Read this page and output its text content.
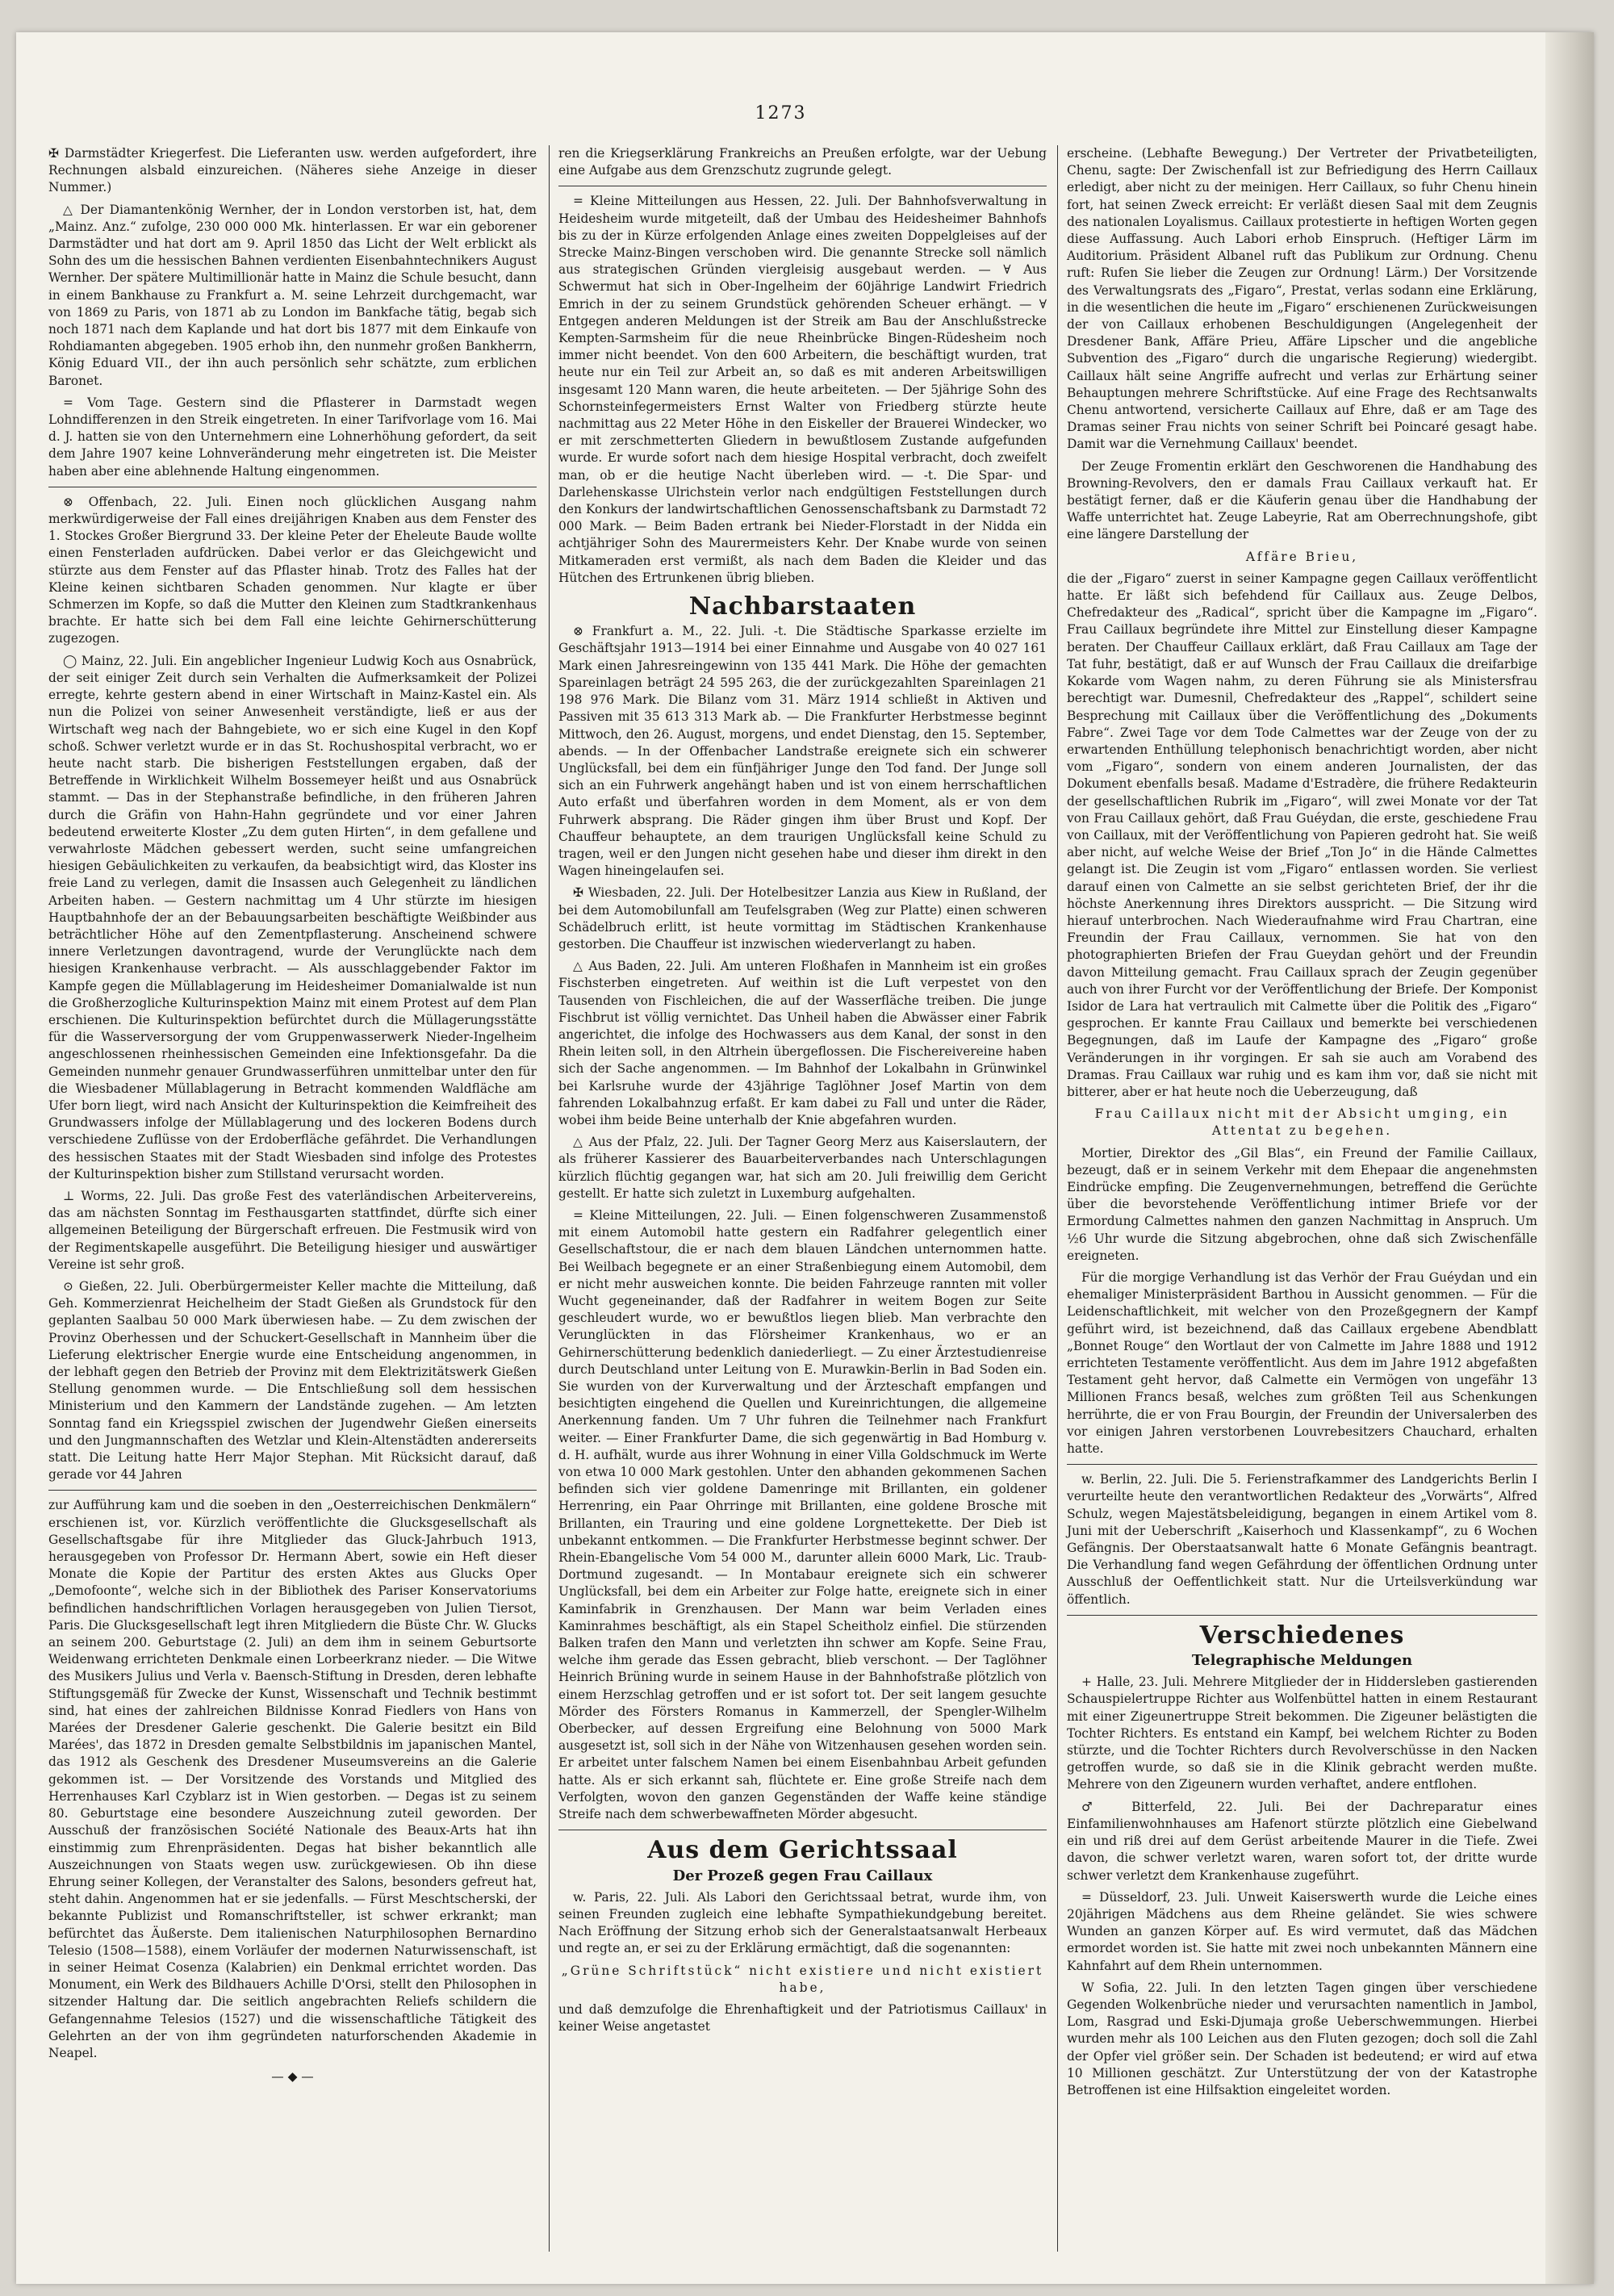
1273

✠ Darmstädter Kriegerfest. Die Lieferanten usw. werden aufgefordert, ihre Rechnungen alsbald einzureichen. (Näheres siehe Anzeige in dieser Nummer.)

△ Der Diamantenkönig Wernher, der in London verstorben ist, hat, dem „Mainz. Anz.“ zufolge, 230 000 000 Mk. hinterlassen. Er war ein geborener Darmstädter und hat dort am 9. April 1850 das Licht der Welt erblickt als Sohn des um die hessischen Bahnen verdienten Eisenbahntechnikers August Wernher. Der spätere Multimillionär hatte in Mainz die Schule besucht, dann in einem Bankhause zu Frankfurt a. M. seine Lehrzeit durchgemacht, war von 1869 zu Paris, von 1871 ab zu London im Bankfache tätig, begab sich noch 1871 nach dem Kaplande und hat dort bis 1877 mit dem Einkaufe von Rohdiamanten abgegeben. 1905 erhob ihn, den nunmehr großen Bankherrn, König Eduard VII., der ihn auch persönlich sehr schätzte, zum erblichen Baronet.

= Vom Tage. Gestern sind die Pflasterer in Darmstadt wegen Lohndifferenzen in den Streik eingetreten. In einer Tarifvorlage vom 16. Mai d. J. hatten sie von den Unternehmern eine Lohnerhöhung gefordert, da seit dem Jahre 1907 keine Lohnveränderung mehr eingetreten ist. Die Meister haben aber eine ablehnende Haltung eingenommen.

⊗ Offenbach, 22. Juli. Einen noch glücklichen Ausgang nahm merkwürdigerweise der Fall eines dreijährigen Knaben aus dem Fenster des 1. Stockes Großer Biergrund 33. Der kleine Peter der Eheleute Baude wollte einen Fensterladen aufdrücken. Dabei verlor er das Gleichgewicht und stürzte aus dem Fenster auf das Pflaster hinab. Trotz des Falles hat der Kleine keinen sichtbaren Schaden genommen. Nur klagte er über Schmerzen im Kopfe, so daß die Mutter den Kleinen zum Stadtkrankenhaus brachte. Er hatte sich bei dem Fall eine leichte Gehirnerschütterung zugezogen.

◯ Mainz, 22. Juli. Ein angeblicher Ingenieur Ludwig Koch aus Osnabrück, der seit einiger Zeit durch sein Verhalten die Aufmerksamkeit der Polizei erregte, kehrte gestern abend in einer Wirtschaft in Mainz-Kastel ein. Als nun die Polizei von seiner Anwesenheit verständigte, ließ er aus der Wirtschaft weg nach der Bahngebiete, wo er sich eine Kugel in den Kopf schoß. Schwer verletzt wurde er in das St. Rochushospital verbracht, wo er heute nacht starb. Die bisherigen Feststellungen ergaben, daß der Betreffende in Wirklichkeit Wilhelm Bossemeyer heißt und aus Osnabrück stammt. — Das in der Stephanstraße befindliche, in den früheren Jahren durch die Gräfin von Hahn-Hahn gegründete und vor einer Jahren bedeutend erweiterte Kloster „Zu dem guten Hirten“, in dem gefallene und verwahrloste Mädchen gebessert werden, sucht seine umfangreichen hiesigen Gebäulichkeiten zu verkaufen, da beabsichtigt wird, das Kloster ins freie Land zu verlegen, damit die Insassen auch Gelegenheit zu ländlichen Arbeiten haben. — Gestern nachmittag um 4 Uhr stürzte im hiesigen Hauptbahnhofe der an der Bebauungsarbeiten beschäftigte Weißbinder aus beträchtlicher Höhe auf den Zementpflasterung. Anscheinend schwere innere Verletzungen davontragend, wurde der Verunglückte nach dem hiesigen Krankenhause verbracht. — Als ausschlaggebender Faktor im Kampfe gegen die Müllablagerung im Heidesheimer Domanialwalde ist nun die Großherzogliche Kulturinspektion Mainz mit einem Protest auf dem Plan erschienen. Die Kulturinspektion befürchtet durch die Müllagerungsstätte für die Wasserversorgung der vom Gruppenwasserwerk Nieder-Ingelheim angeschlossenen rheinhessischen Gemeinden eine Infektionsgefahr. Da die Gemeinden nunmehr genauer Grundwasserführen unmittelbar unter den für die Wiesbadener Müllablagerung in Betracht kommenden Waldfläche am Ufer born liegt, wird nach Ansicht der Kulturinspektion die Keimfreiheit des Grundwassers infolge der Müllablagerung und des lockeren Bodens durch verschiedene Zuflüsse von der Erdoberfläche gefährdet. Die Verhandlungen des hessischen Staates mit der Stadt Wiesbaden sind infolge des Protestes der Kulturinspektion bisher zum Stillstand verursacht worden.

⊥ Worms, 22. Juli. Das große Fest des vaterländischen Arbeitervereins, das am nächsten Sonntag im Festhausgarten stattfindet, dürfte sich einer allgemeinen Beteiligung der Bürgerschaft erfreuen. Die Festmusik wird von der Regimentskapelle ausgeführt. Die Beteiligung hiesiger und auswärtiger Vereine ist sehr groß.

⊙ Gießen, 22. Juli. Oberbürgermeister Keller machte die Mitteilung, daß Geh. Kommerzienrat Heichelheim der Stadt Gießen als Grundstock für den geplanten Saalbau 50 000 Mark überwiesen habe. — Zu dem zwischen der Provinz Oberhessen und der Schuckert-Gesellschaft in Mannheim über die Lieferung elektrischer Energie wurde eine Entscheidung angenommen, in der lebhaft gegen den Betrieb der Provinz mit dem Elektrizitätswerk Gießen Stellung genommen wurde. — Die Entschließung soll dem hessischen Ministerium und den Kammern der Landstände zugehen. — Am letzten Sonntag fand ein Kriegsspiel zwischen der Jugendwehr Gießen einerseits und den Jungmannschaften des Wetzlar und Klein-Altenstädten andererseits statt. Die Leitung hatte Herr Major Stephan. Mit Rücksicht darauf, daß gerade vor 44 Jahren

zur Aufführung kam und die soeben in den „Oesterreichischen Denkmälern“ erschienen ist, vor. Kürzlich veröffentlichte die Glucksgesellschaft als Gesellschaftsgabe für ihre Mitglieder das Gluck-Jahrbuch 1913, herausgegeben von Professor Dr. Hermann Abert, sowie ein Heft dieser Monate die Kopie der Partitur des ersten Aktes aus Glucks Oper „Demofoonte“, welche sich in der Bibliothek des Pariser Konservatoriums befindlichen handschriftlichen Vorlagen herausgegeben von Julien Tiersot, Paris. Die Glucksgesellschaft legt ihren Mitgliedern die Büste Chr. W. Glucks an seinem 200. Geburtstage (2. Juli) an dem ihm in seinem Geburtsorte Weidenwang errichteten Denkmale einen Lorbeerkranz nieder. — Die Witwe des Musikers Julius und Verla v. Baensch-Stiftung in Dresden, deren lebhafte Stiftungsgemäß für Zwecke der Kunst, Wissenschaft und Technik bestimmt sind, hat eines der zahlreichen Bildnisse Konrad Fiedlers von Hans von Marées der Dresdener Galerie geschenkt. Die Galerie besitzt ein Bild Marées', das 1872 in Dresden gemalte Selbstbildnis im japanischen Mantel, das 1912 als Geschenk des Dresdener Museumsvereins an die Galerie gekommen ist. — Der Vorsitzende des Vorstands und Mitglied des Herrenhauses Karl Czyblarz ist in Wien gestorben. — Degas ist zu seinem 80. Geburtstage eine besondere Auszeichnung zuteil geworden. Der Ausschuß der französischen Société Nationale des Beaux-Arts hat ihn einstimmig zum Ehrenpräsidenten. Degas hat bisher bekanntlich alle Auszeichnungen von Staats wegen usw. zurückgewiesen. Ob ihn diese Ehrung seiner Kollegen, der Veranstalter des Salons, besonders gefreut hat, steht dahin. Angenommen hat er sie jedenfalls. — Fürst Meschtscherski, der bekannte Publizist und Romanschriftsteller, ist schwer erkrankt; man befürchtet das Äußerste. Dem italienischen Naturphilosophen Bernardino Telesio (1508—1588), einem Vorläufer der modernen Naturwissenschaft, ist in seiner Heimat Cosenza (Kalabrien) ein Denkmal errichtet worden. Das Monument, ein Werk des Bildhauers Achille D'Orsi, stellt den Philosophen in sitzender Haltung dar. Die seitlich angebrachten Reliefs schildern die Gefangennahme Telesios (1527) und die wissenschaftliche Tätigkeit des Gelehrten an der von ihm gegründeten naturforschenden Akademie in Neapel.

— ◆ —

ren die Kriegserklärung Frankreichs an Preußen erfolgte, war der Uebung eine Aufgabe aus dem Grenzschutz zugrunde gelegt.

= Kleine Mitteilungen aus Hessen, 22. Juli. Der Bahnhofsverwaltung in Heidesheim wurde mitgeteilt, daß der Umbau des Heidesheimer Bahnhofs bis zu der in Kürze erfolgenden Anlage eines zweiten Doppelgleises auf der Strecke Mainz-Bingen verschoben wird. Die genannte Strecke soll nämlich aus strategischen Gründen viergleisig ausgebaut werden. — ∀ Aus Schwermut hat sich in Ober-Ingelheim der 60jährige Landwirt Friedrich Emrich in der zu seinem Grundstück gehörenden Scheuer erhängt. — ∀ Entgegen anderen Meldungen ist der Streik am Bau der Anschlußstrecke Kempten-Sarmsheim für die neue Rheinbrücke Bingen-Rüdesheim noch immer nicht beendet. Von den 600 Arbeitern, die beschäftigt wurden, trat heute nur ein Teil zur Arbeit an, so daß es mit anderen Arbeitswilligen insgesamt 120 Mann waren, die heute arbeiteten. — Der 5jährige Sohn des Schornsteinfegermeisters Ernst Walter von Friedberg stürzte heute nachmittag aus 22 Meter Höhe in den Eiskeller der Brauerei Windecker, wo er mit zerschmetterten Gliedern in bewußtlosem Zustande aufgefunden wurde. Er wurde sofort nach dem hiesige Hospital verbracht, doch zweifelt man, ob er die heutige Nacht überleben wird. — -t. Die Spar- und Darlehenskasse Ulrichstein verlor nach endgültigen Feststellungen durch den Konkurs der landwirtschaftlichen Genossenschaftsbank zu Darmstadt 72 000 Mark. — Beim Baden ertrank bei Nieder-Florstadt in der Nidda ein achtjähriger Sohn des Maurermeisters Kehr. Der Knabe wurde von seinen Mitkameraden erst vermißt, als nach dem Baden die Kleider und das Hütchen des Ertrunkenen übrig blieben.

Nachbarstaaten

⊗ Frankfurt a. M., 22. Juli. -t. Die Städtische Sparkasse erzielte im Geschäftsjahr 1913—1914 bei einer Einnahme und Ausgabe von 40 027 161 Mark einen Jahresreingewinn von 135 441 Mark. Die Höhe der gemachten Spareinlagen beträgt 24 595 263, die der zurückgezahlten Spareinlagen 21 198 976 Mark. Die Bilanz vom 31. März 1914 schließt in Aktiven und Passiven mit 35 613 313 Mark ab. — Die Frankfurter Herbstmesse beginnt Mittwoch, den 26. August, morgens, und endet Dienstag, den 15. September, abends. — In der Offenbacher Landstraße ereignete sich ein schwerer Unglücksfall, bei dem ein fünfjähriger Junge den Tod fand. Der Junge soll sich an ein Fuhrwerk angehängt haben und ist von einem herrschaftlichen Auto erfaßt und überfahren worden in dem Moment, als er von dem Fuhrwerk absprang. Die Räder gingen ihm über Brust und Kopf. Der Chauffeur behauptete, an dem traurigen Unglücksfall keine Schuld zu tragen, weil er den Jungen nicht gesehen habe und dieser ihm direkt in den Wagen hineingelaufen sei.

✠ Wiesbaden, 22. Juli. Der Hotelbesitzer Lanzia aus Kiew in Rußland, der bei dem Automobilunfall am Teufelsgraben (Weg zur Platte) einen schweren Schädelbruch erlitt, ist heute vormittag im Städtischen Krankenhause gestorben. Die Chauffeur ist inzwischen wiederverlangt zu haben.

△ Aus Baden, 22. Juli. Am unteren Floßhafen in Mannheim ist ein großes Fischsterben eingetreten. Auf weithin ist die Luft verpestet von den Tausenden von Fischleichen, die auf der Wasserfläche treiben. Die junge Fischbrut ist völlig vernichtet. Das Unheil haben die Abwässer einer Fabrik angerichtet, die infolge des Hochwassers aus dem Kanal, der sonst in den Rhein leiten soll, in den Altrhein übergeflossen. Die Fischereivereine haben sich der Sache angenommen. — Im Bahnhof der Lokalbahn in Grünwinkel bei Karlsruhe wurde der 43jährige Taglöhner Josef Martin von dem fahrenden Lokalbahnzug erfaßt. Er kam dabei zu Fall und unter die Räder, wobei ihm beide Beine unterhalb der Knie abgefahren wurden.

△ Aus der Pfalz, 22. Juli. Der Tagner Georg Merz aus Kaiserslautern, der als früherer Kassierer des Bauarbeiterverbandes nach Unterschlagungen kürzlich flüchtig gegangen war, hat sich am 20. Juli freiwillig dem Gericht gestellt. Er hatte sich zuletzt in Luxemburg aufgehalten.

= Kleine Mitteilungen, 22. Juli. — Einen folgenschweren Zusammenstoß mit einem Automobil hatte gestern ein Radfahrer gelegentlich einer Gesellschaftstour, die er nach dem blauen Ländchen unternommen hatte. Bei Weilbach begegnete er an einer Straßenbiegung einem Automobil, dem er nicht mehr ausweichen konnte. Die beiden Fahrzeuge rannten mit voller Wucht gegeneinander, daß der Radfahrer in weitem Bogen zur Seite geschleudert wurde, wo er bewußtlos liegen blieb. Man verbrachte den Verunglückten in das Flörsheimer Krankenhaus, wo er an Gehirnerschütterung bedenklich daniederliegt. — Zu einer Ärztestudienreise durch Deutschland unter Leitung von E. Murawkin-Berlin in Bad Soden ein. Sie wurden von der Kurverwaltung und der Ärzteschaft empfangen und besichtigten eingehend die Quellen und Kureinrichtungen, die allgemeine Anerkennung fanden. Um 7 Uhr fuhren die Teilnehmer nach Frankfurt weiter. — Einer Frankfurter Dame, die sich gegenwärtig in Bad Homburg v. d. H. aufhält, wurde aus ihrer Wohnung in einer Villa Goldschmuck im Werte von etwa 10 000 Mark gestohlen. Unter den abhanden gekommenen Sachen befinden sich vier goldene Damenringe mit Brillanten, ein goldener Herrenring, ein Paar Ohrringe mit Brillanten, eine goldene Brosche mit Brillanten, ein Trauring und eine goldene Lorgnettekette. Der Dieb ist unbekannt entkommen. — Die Frankfurter Herbstmesse beginnt schwer. Der Rhein-Ebangelische Vom 54 000 M., darunter allein 6000 Mark, Lic. Traub-Dortmund zugesandt. — In Montabaur ereignete sich ein schwerer Unglücksfall, bei dem ein Arbeiter zur Folge hatte, ereignete sich in einer Kaminfabrik in Grenzhausen. Der Mann war beim Verladen eines Kaminrahmes beschäftigt, als ein Stapel Scheitholz einfiel. Die stürzenden Balken trafen den Mann und verletzten ihn schwer am Kopfe. Seine Frau, welche ihm gerade das Essen gebracht, blieb verschont. — Der Taglöhner Heinrich Brüning wurde in seinem Hause in der Bahnhofstraße plötzlich von einem Herzschlag getroffen und er ist sofort tot. Der seit langem gesuchte Mörder des Försters Romanus in Kammerzell, der Spengler-Wilhelm Oberbecker, auf dessen Ergreifung eine Belohnung von 5000 Mark ausgesetzt ist, soll sich in der Nähe von Witzenhausen gesehen worden sein. Er arbeitet unter falschem Namen bei einem Eisenbahnbau Arbeit gefunden hatte. Als er sich erkannt sah, flüchtete er. Eine große Streife nach dem Verfolgten, wovon den ganzen Gegenständen der Waffe keine ständige Streife nach dem schwerbewaffneten Mörder abgesucht.

Aus dem Gerichtssaal
Der Prozeß gegen Frau Caillaux

w. Paris, 22. Juli. Als Labori den Gerichtssaal betrat, wurde ihm, von seinen Freunden zugleich eine lebhafte Sympathiekundgebung bereitet. Nach Eröffnung der Sitzung erhob sich der Generalstaatsanwalt Herbeaux und regte an, er sei zu der Erklärung ermächtigt, daß die sogenannten:

„Grüne Schriftstück“ nicht existiere und nicht existiert habe,

und daß demzufolge die Ehrenhaftigkeit und der Patriotismus Caillaux' in keiner Weise angetastet

erscheine. (Lebhafte Bewegung.) Der Vertreter der Privatbeteiligten, Chenu, sagte: Der Zwischenfall ist zur Befriedigung des Herrn Caillaux erledigt, aber nicht zu der meinigen. Herr Caillaux, so fuhr Chenu hinein fort, hat seinen Zweck erreicht: Er verläßt diesen Saal mit dem Zeugnis des nationalen Loyalismus. Caillaux protestierte in heftigen Worten gegen diese Auffassung. Auch Labori erhob Einspruch. (Heftiger Lärm im Auditorium. Präsident Albanel ruft das Publikum zur Ordnung. Chenu ruft: Rufen Sie lieber die Zeugen zur Ordnung! Lärm.) Der Vorsitzende des Verwaltungsrats des „Figaro“, Prestat, verlas sodann eine Erklärung, in die wesentlichen die heute im „Figaro“ erschienenen Zurückweisungen der von Caillaux erhobenen Beschuldigungen (Angelegenheit der Dresdener Bank, Affäre Prieu, Affäre Lipscher und die angebliche Subvention des „Figaro“ durch die ungarische Regierung) wiedergibt. Caillaux hält seine Angriffe aufrecht und verlas zur Erhärtung seiner Behauptungen mehrere Schriftstücke. Auf eine Frage des Rechtsanwalts Chenu antwortend, versicherte Caillaux auf Ehre, daß er am Tage des Dramas seiner Frau nichts von seiner Schrift bei Poincaré gesagt habe. Damit war die Vernehmung Caillaux' beendet.

Der Zeuge Fromentin erklärt den Geschworenen die Handhabung des Browning-Revolvers, den er damals Frau Caillaux verkauft hat. Er bestätigt ferner, daß er die Käuferin genau über die Handhabung der Waffe unterrichtet hat. Zeuge Labeyrie, Rat am Oberrechnungshofe, gibt eine längere Darstellung der

Affäre Brieu,

die der „Figaro“ zuerst in seiner Kampagne gegen Caillaux veröffentlicht hatte. Er läßt sich befehdend für Caillaux aus. Zeuge Delbos, Chefredakteur des „Radical“, spricht über die Kampagne im „Figaro“. Frau Caillaux begründete ihre Mittel zur Einstellung dieser Kampagne beraten. Der Chauffeur Caillaux erklärt, daß Frau Caillaux am Tage der Tat fuhr, bestätigt, daß er auf Wunsch der Frau Caillaux die dreifarbige Kokarde vom Wagen nahm, zu deren Führung sie als Ministersfrau berechtigt war. Dumesnil, Chefredakteur des „Rappel“, schildert seine Besprechung mit Caillaux über die Veröffentlichung des „Dokuments Fabre“. Zwei Tage vor dem Tode Calmettes war der Zeuge von der zu erwartenden Enthüllung telephonisch benachrichtigt worden, aber nicht vom „Figaro“, sondern von einem anderen Journalisten, der das Dokument ebenfalls besaß. Madame d'Estradère, die frühere Redakteurin der gesellschaftlichen Rubrik im „Figaro“, will zwei Monate vor der Tat von Frau Caillaux gehört, daß Frau Guéydan, die erste, geschiedene Frau von Caillaux, mit der Veröffentlichung von Papieren gedroht hat. Sie weiß aber nicht, auf welche Weise der Brief „Ton Jo“ in die Hände Calmettes gelangt ist. Die Zeugin ist vom „Figaro“ entlassen worden. Sie verliest darauf einen von Calmette an sie selbst gerichteten Brief, der ihr die höchste Anerkennung ihres Direktors ausspricht. — Die Sitzung wird hierauf unterbrochen. Nach Wiederaufnahme wird Frau Chartran, eine Freundin der Frau Caillaux, vernommen. Sie hat von den photographierten Briefen der Frau Gueydan gehört und der Freundin davon Mitteilung gemacht. Frau Caillaux sprach der Zeugin gegenüber auch von ihrer Furcht vor der Veröffentlichung der Briefe. Der Komponist Isidor de Lara hat vertraulich mit Calmette über die Politik des „Figaro“ gesprochen. Er kannte Frau Caillaux und bemerkte bei verschiedenen Begegnungen, daß im Laufe der Kampagne des „Figaro“ große Veränderungen in ihr vorgingen. Er sah sie auch am Vorabend des Dramas. Frau Caillaux war ruhig und es kam ihm vor, daß sie nicht mit bitterer, aber er hat heute noch die Ueberzeugung, daß

Frau Caillaux nicht mit der Absicht umging, ein Attentat zu begehen.

Mortier, Direktor des „Gil Blas“, ein Freund der Familie Caillaux, bezeugt, daß er in seinem Verkehr mit dem Ehepaar die angenehmsten Eindrücke empfing. Die Zeugenvernehmungen, betreffend die Gerüchte über die bevorstehende Veröffentlichung intimer Briefe vor der Ermordung Calmettes nahmen den ganzen Nachmittag in Anspruch. Um ½6 Uhr wurde die Sitzung abgebrochen, ohne daß sich Zwischenfälle ereigneten.

Für die morgige Verhandlung ist das Verhör der Frau Guéydan und ein ehemaliger Ministerpräsident Barthou in Aussicht genommen. — Für die Leidenschaftlichkeit, mit welcher von den Prozeßgegnern der Kampf geführt wird, ist bezeichnend, daß das Caillaux ergebene Abendblatt „Bonnet Rouge“ den Wortlaut der von Calmette im Jahre 1888 und 1912 errichteten Testamente veröffentlicht. Aus dem im Jahre 1912 abgefaßten Testament geht hervor, daß Calmette ein Vermögen von ungefähr 13 Millionen Francs besaß, welches zum größten Teil aus Schenkungen herrührte, die er von Frau Bourgin, der Freundin der Universalerben des vor einigen Jahren verstorbenen Louvrebesitzers Chauchard, erhalten hatte.

w. Berlin, 22. Juli. Die 5. Ferienstrafkammer des Landgerichts Berlin I verurteilte heute den verantwortlichen Redakteur des „Vorwärts“, Alfred Schulz, wegen Majestätsbeleidigung, begangen in einem Artikel vom 8. Juni mit der Ueberschrift „Kaiserhoch und Klassenkampf“, zu 6 Wochen Gefängnis. Der Oberstaatsanwalt hatte 6 Monate Gefängnis beantragt. Die Verhandlung fand wegen Gefährdung der öffentlichen Ordnung unter Ausschluß der Oeffentlichkeit statt. Nur die Urteilsverkündung war öffentlich.

Verschiedenes
Telegraphische Meldungen

+ Halle, 23. Juli. Mehrere Mitglieder der in Hiddersleben gastierenden Schauspielertruppe Richter aus Wolfenbüttel hatten in einem Restaurant mit einer Zigeunertruppe Streit bekommen. Die Zigeuner belästigten die Tochter Richters. Es entstand ein Kampf, bei welchem Richter zu Boden stürzte, und die Tochter Richters durch Revolverschüsse in den Nacken getroffen wurde, so daß sie in die Klinik gebracht werden mußte. Mehrere von den Zigeunern wurden verhaftet, andere entflohen.

♂ Bitterfeld, 22. Juli. Bei der Dachreparatur eines Einfamilienwohnhauses am Hafenort stürzte plötzlich eine Giebelwand ein und riß drei auf dem Gerüst arbeitende Maurer in die Tiefe. Zwei davon, die schwer verletzt waren, waren sofort tot, der dritte wurde schwer verletzt dem Krankenhause zugeführt.

= Düsseldorf, 23. Juli. Unweit Kaiserswerth wurde die Leiche eines 20jährigen Mädchens aus dem Rheine geländet. Sie wies schwere Wunden an ganzen Körper auf. Es wird vermutet, daß das Mädchen ermordet worden ist. Sie hatte mit zwei noch unbekannten Männern eine Kahnfahrt auf dem Rhein unternommen.

W Sofia, 22. Juli. In den letzten Tagen gingen über verschiedene Gegenden Wolkenbrüche nieder und verursachten namentlich in Jambol, Lom, Rasgrad und Eski-Djumaja große Ueberschwemmungen. Hierbei wurden mehr als 100 Leichen aus den Fluten gezogen; doch soll die Zahl der Opfer viel größer sein. Der Schaden ist bedeutend; er wird auf etwa 10 Millionen geschätzt. Zur Unterstützung der von der Katastrophe Betroffenen ist eine Hilfsaktion eingeleitet worden.
